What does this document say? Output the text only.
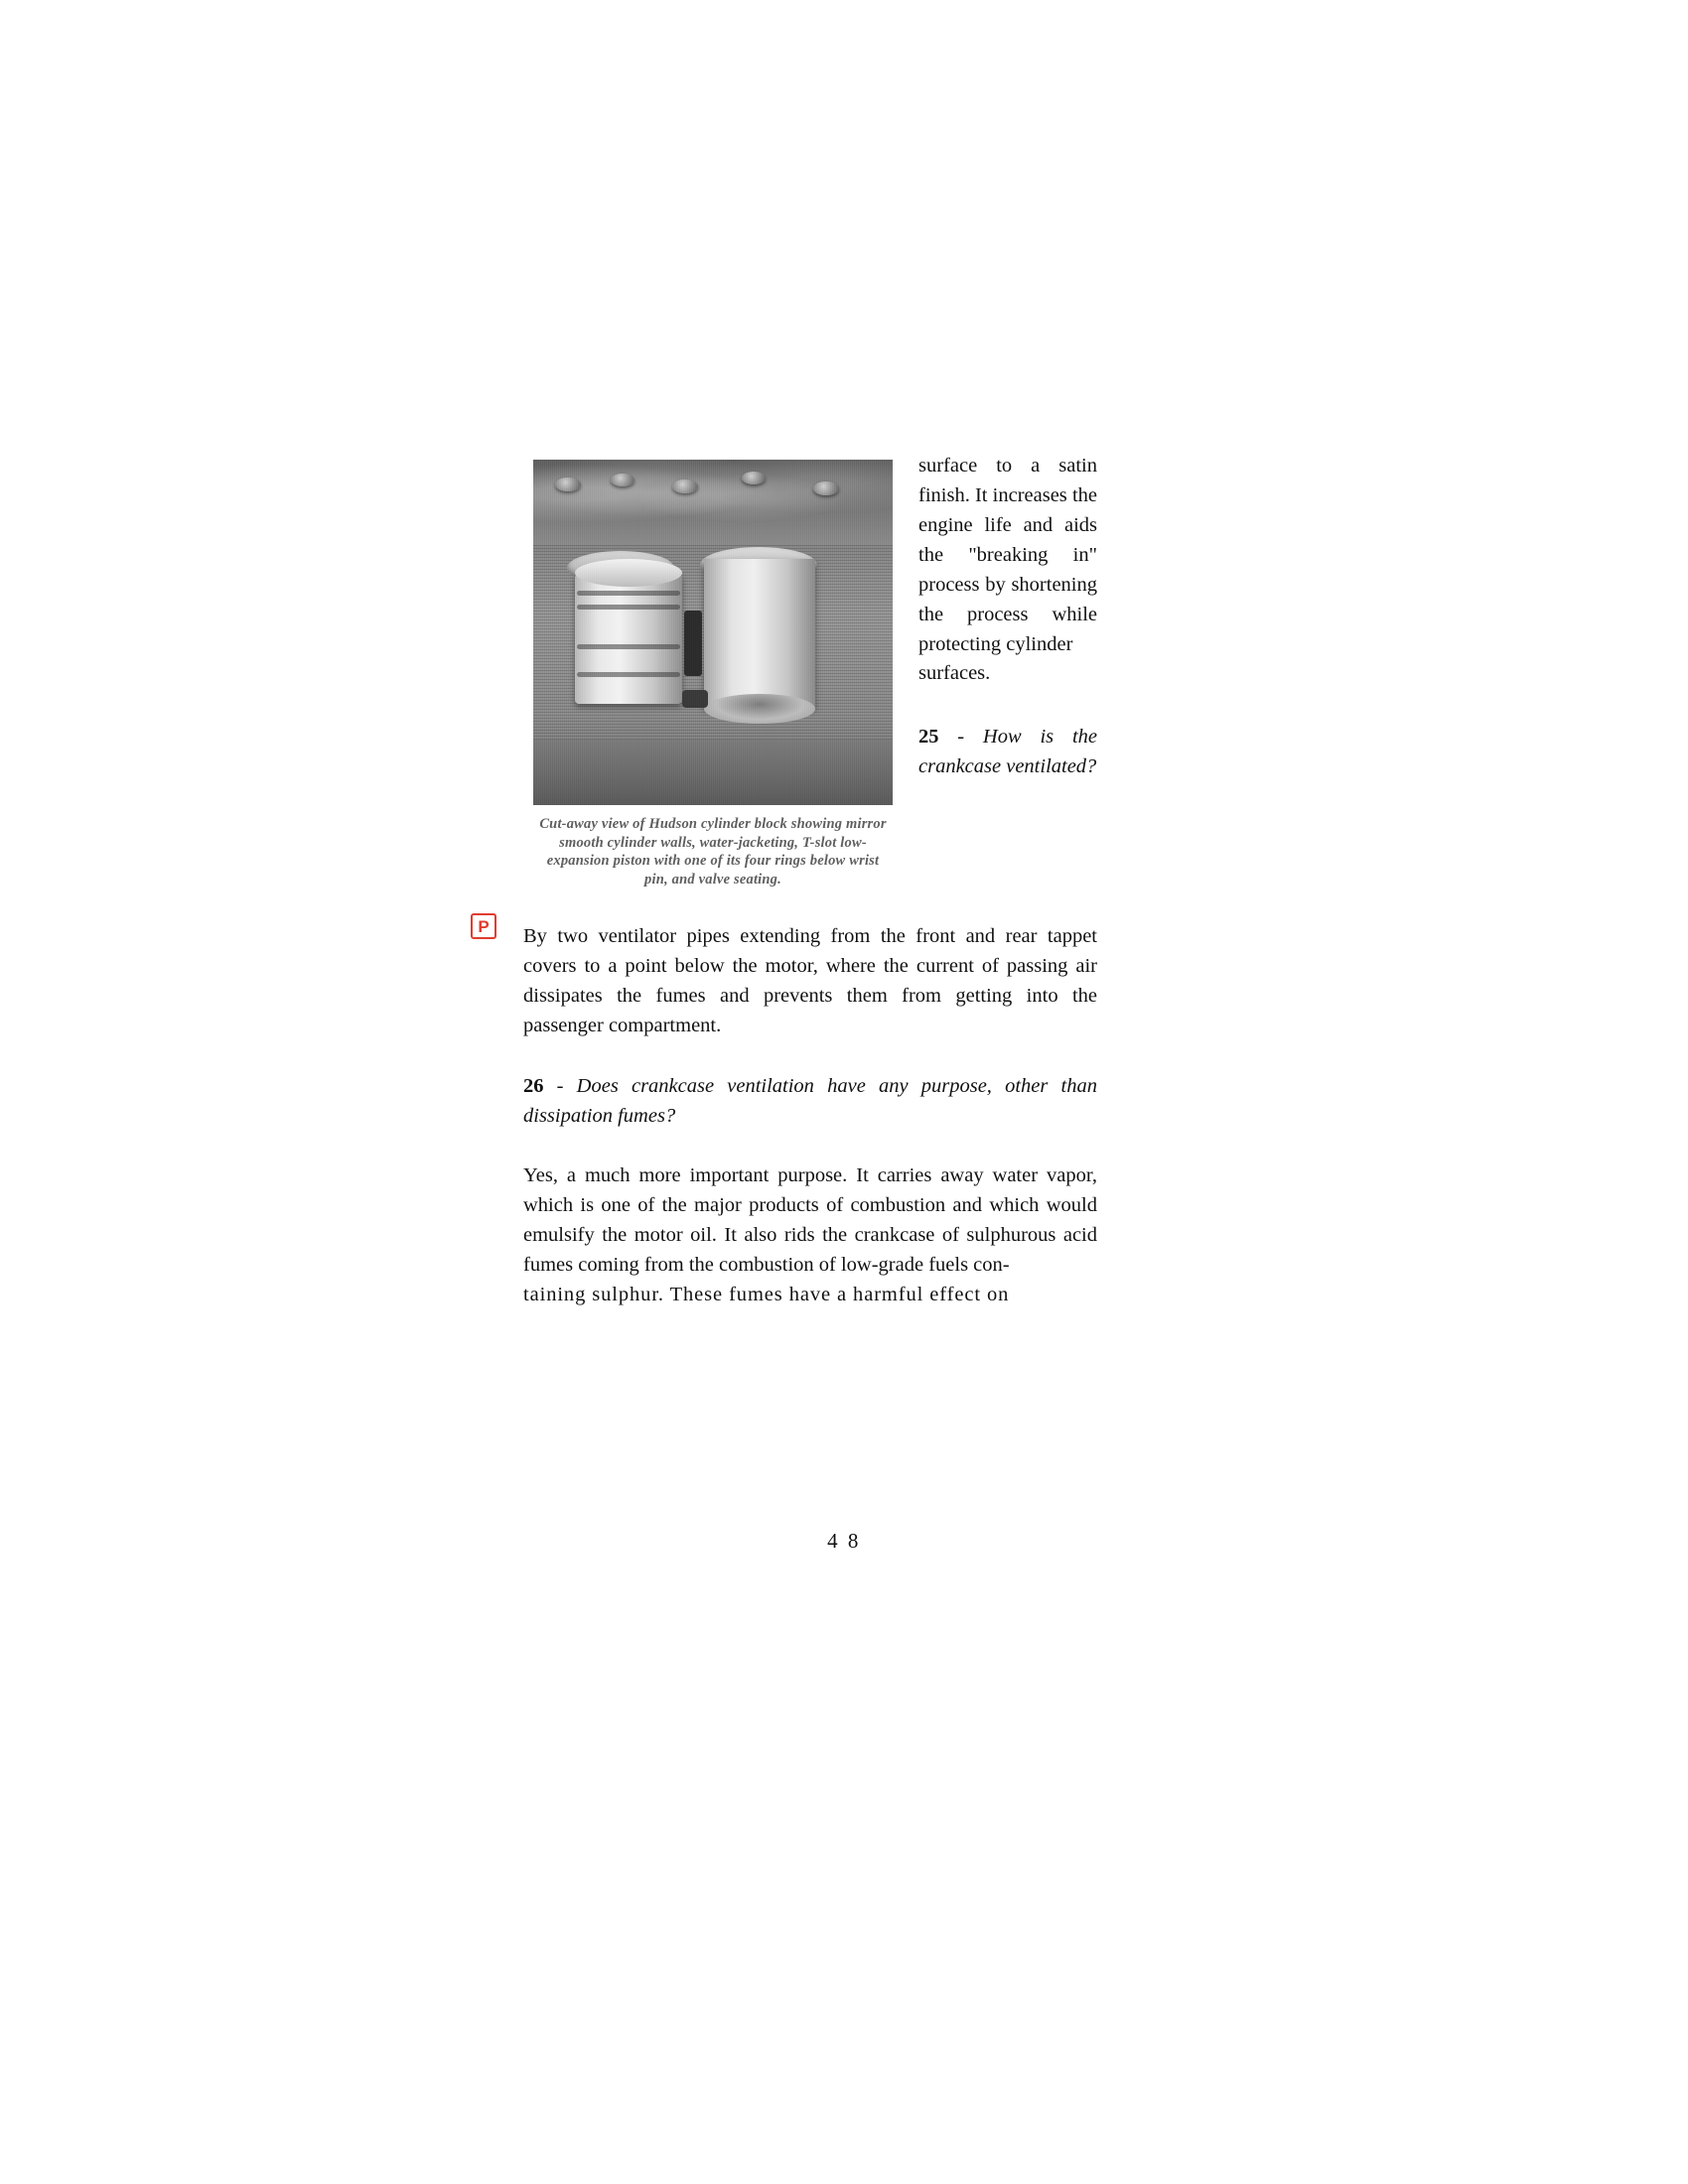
Cut-away view of Hudson cylinder block showing mirror smooth cylinder walls, water-jacketing, T-slot low-expansion piston with one of its four rings below wrist pin, and valve seating.

surface to a satin finish. It increases the engine life and aids the "breaking in" process by shortening the process while protecting cylinder

surfaces.

25 - How is the crankcase ventilated?

P	By two ventilator pipes extending from the front and rear tappet covers to a point below the motor, where the current of passing air dissipates the fumes and prevents them from getting into the passenger compartment.

26 - Does crankcase ventilation have any purpose, other than dissipation fumes?

Yes, a much more important purpose. It carries away water vapor, which is one of the major products of combustion and which would emulsify the motor oil. It also rids the crankcase of sulphurous acid fumes coming from the combustion of low-grade fuels con-

taining sulphur. These fumes have a harmful effect on

4 8
